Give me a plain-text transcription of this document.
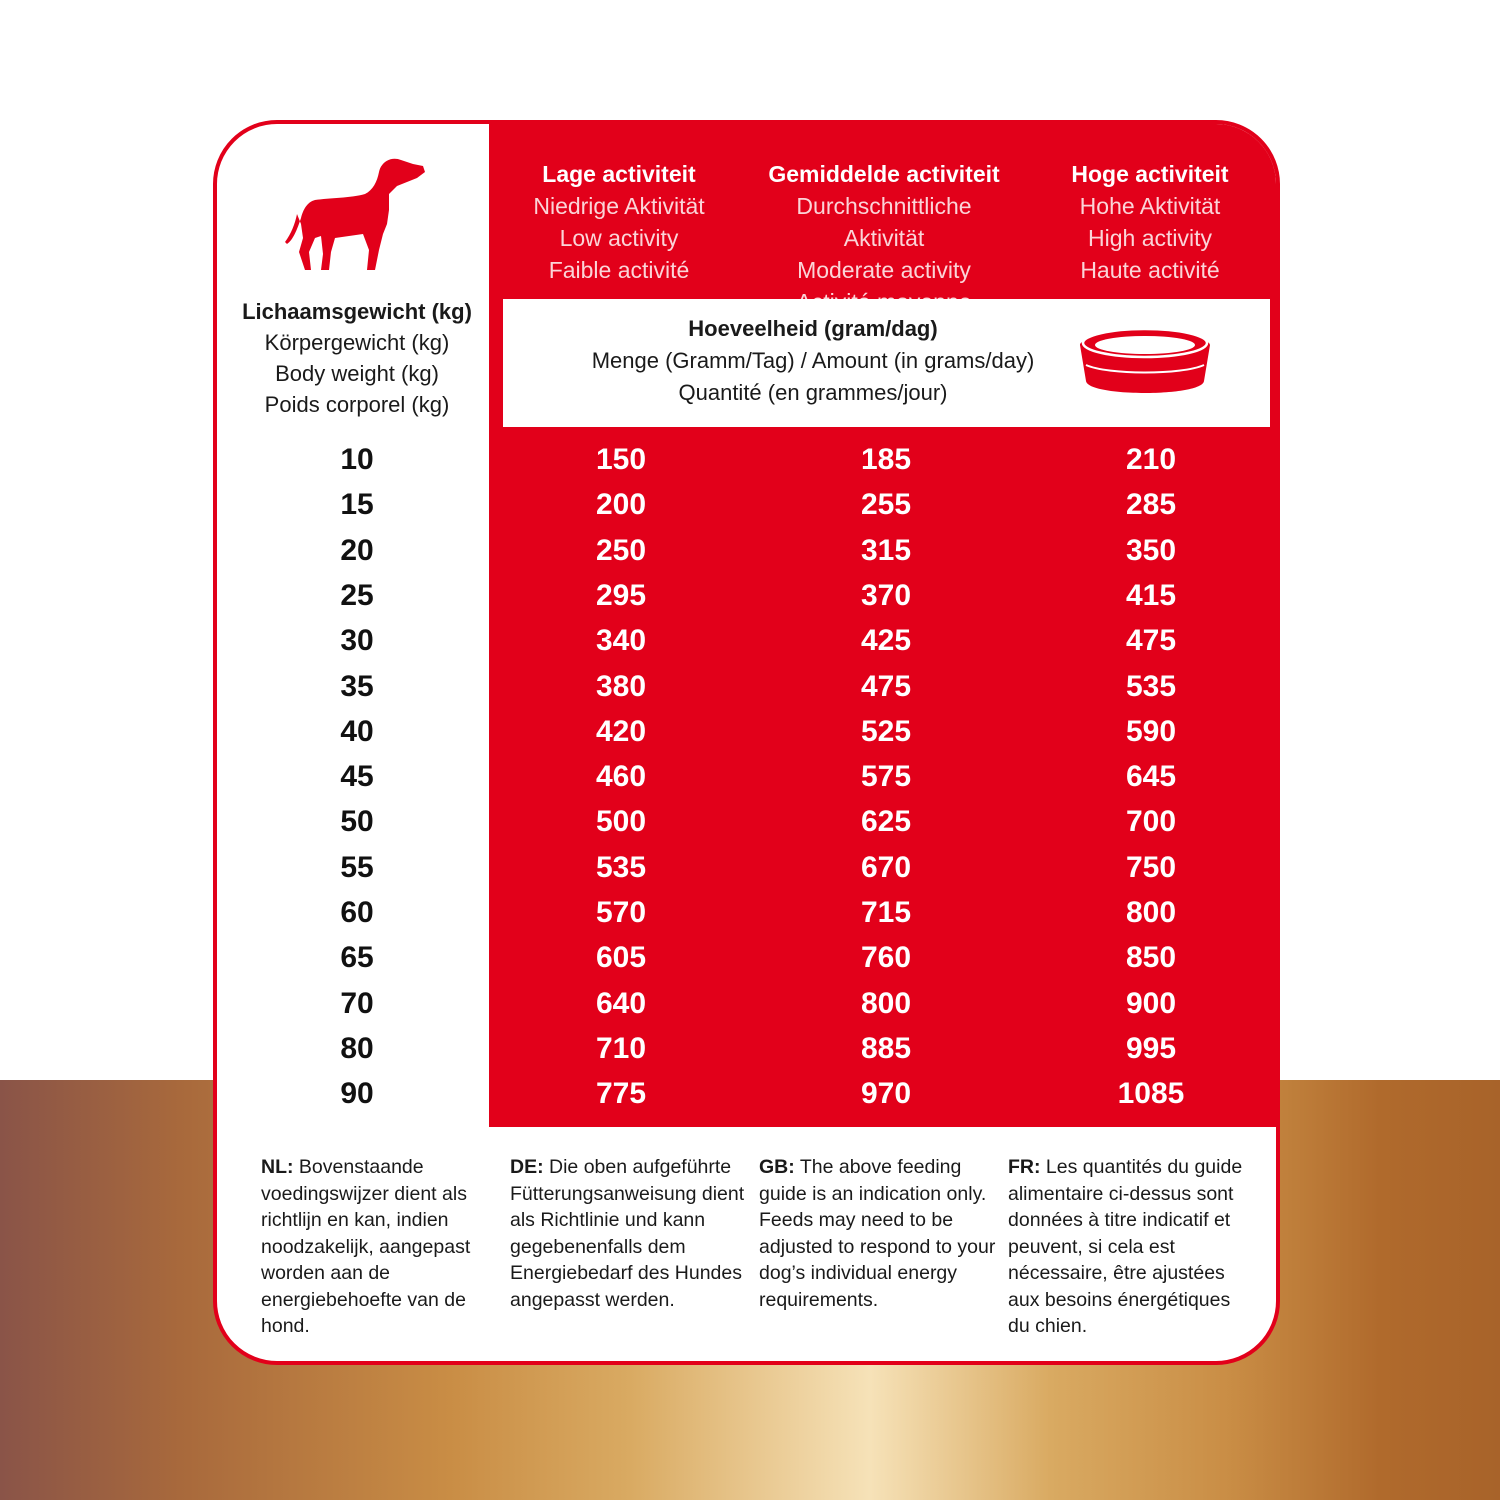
Lichaamsgewicht (kg)
Körpergewicht (kg)
Body weight (kg)
Poids corporel (kg)
Lage activiteit
Niedrige Aktivität
Low activity
Faible activité
Gemiddelde activiteit
Durchschnittliche Aktivität
Moderate activity
Hoge activiteit
Hohe Aktivität
High activity
Haute activité
Hoeveelheid (gram/dag)
Menge (Gramm/Tag) / Amount (in grams/day)
Quantité (en grammes/jour)
10	150	185	210
15	200	255	285
20	250	315	350
25	295	370	415
30	340	425	475
35	380	475	535
40	420	525	590
45	460	575	645
50	500	625	700
55	535	670	750
60	570	715	800
65	605	760	850
70	640	800	900
80	710	885	995
90	775	970	1085
NL: Bovenstaande voedingswijzer dient als richtlijn en kan, indien noodzakelijk, aangepast worden aan de energiebehoefte van de hond.
DE: Die oben aufgeführte Fütterungsanweisung dient als Richtlinie und kann gegebenenfalls dem Energiebedarf des Hundes angepasst werden.
GB: The above feeding guide is an indication only. Feeds may need to be adjusted to respond to your dog’s individual energy requirements.
FR: Les quantités du guide alimentaire ci-dessus sont données à titre indicatif et peuvent, si cela est nécessaire, être ajustées aux besoins énergétiques du chien.
